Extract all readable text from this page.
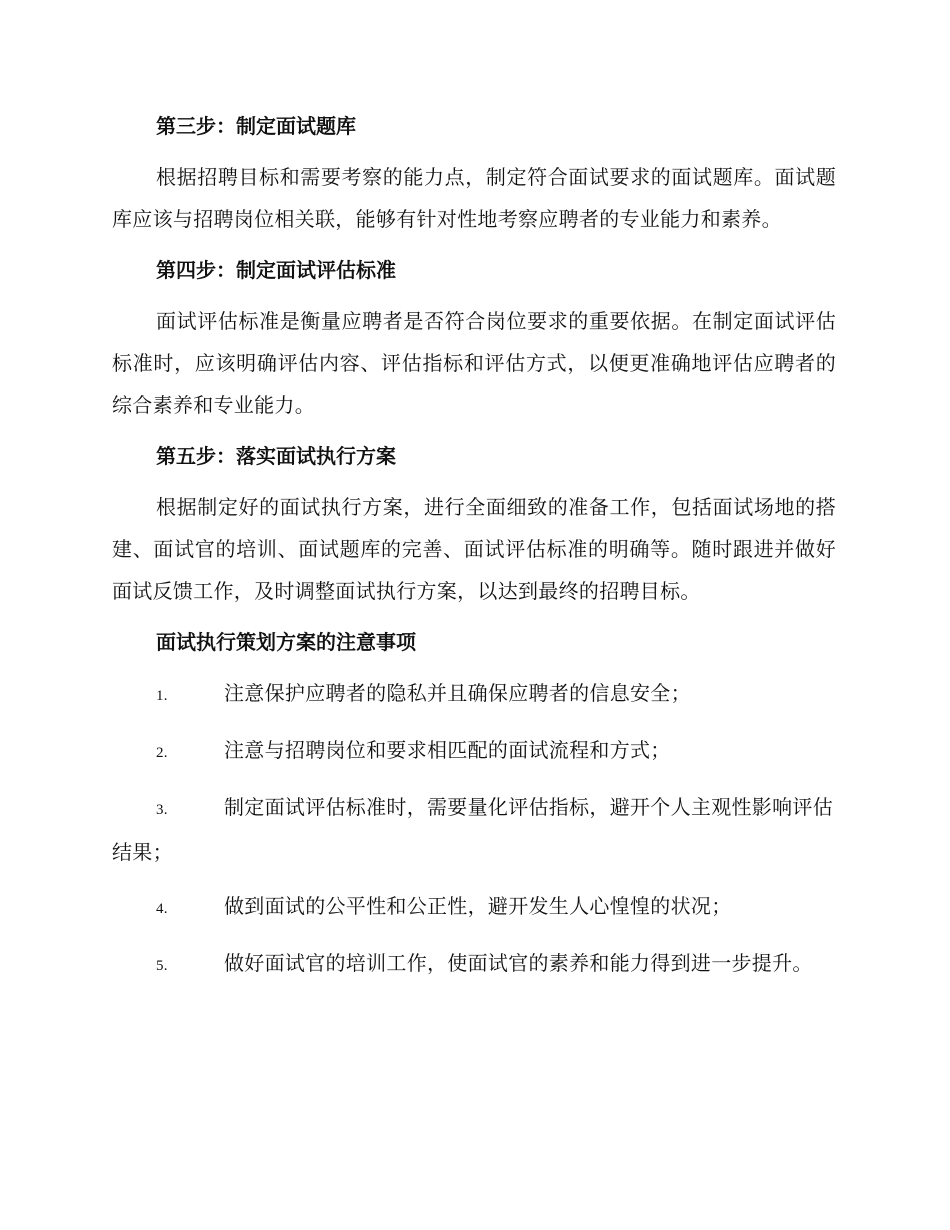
第三步：制定面试题库

根据招聘目标和需要考察的能力点，制定符合面试要求的面试题库。面试题库应该与招聘岗位相关联，能够有针对性地考察应聘者的专业能力和素养。

第四步：制定面试评估标准

面试评估标准是衡量应聘者是否符合岗位要求的重要依据。在制定面试评估标准时，应该明确评估内容、评估指标和评估方式，以便更准确地评估应聘者的综合素养和专业能力。

第五步：落实面试执行方案

根据制定好的面试执行方案，进行全面细致的准备工作，包括面试场地的搭建、面试官的培训、面试题库的完善、面试评估标准的明确等。随时跟进并做好面试反馈工作，及时调整面试执行方案，以达到最终的招聘目标。

面试执行策划方案的注意事项
1.	注意保护应聘者的隐私并且确保应聘者的信息安全；
2.	注意与招聘岗位和要求相匹配的面试流程和方式；
3.	制定面试评估标准时，需要量化评估指标，避开个人主观性影响评估结果；
4.	做到面试的公平性和公正性，避开发生人心惶惶的状况；
5.	做好面试官的培训工作，使面试官的素养和能力得到进一步提升。
